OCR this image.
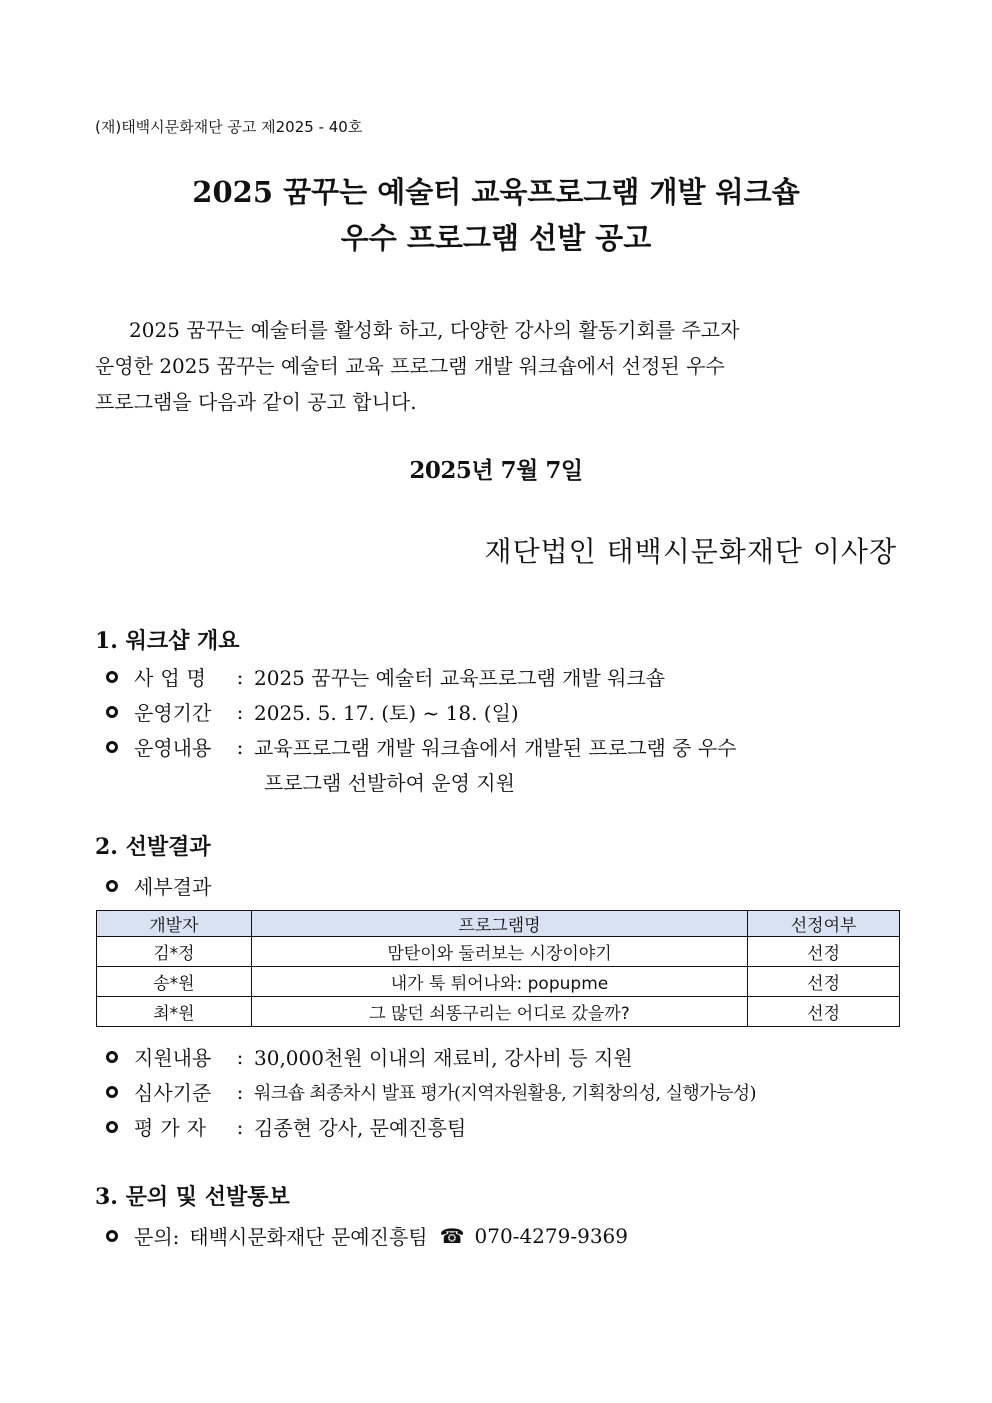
(재)태백시문화재단 공고 제2025 - 40호
2025 꿈꾸는 예술터 교육프로그램 개발 워크숍
우수 프로그램 선발 공고

2025 꿈꾸는 예술터를 활성화 하고, 다양한 강사의 활동기회를 주고자

운영한 2025 꿈꾸는 예술터 교육 프로그램 개발 워크숍에서 선정된 우수
프로그램을 다음과 같이 공고 합니다.
2025년 7월 7일
재단법인 태백시문화재단 이사장
1. 워크샵 개요
사업명	: 2025 꿈꾸는 예술터 교육프로그램 개발 워크숍
운영기간	: 2025. 5. 17. (토) ~ 18. (일)
운영내용	: 교육프로그램 개발 워크숍에서 개발된 프로그램 중 우수
프로그램 선발하여 운영 지원
2. 선발결과
세부결과
개발자	프로그램명	선정여부
김*정	맘탄이와 둘러보는 시장이야기	선정
송*원	내가 툭 튀어나와: popupme	선정
최*원	그 많던 쇠똥구리는 어디로 갔을까?	선정
지원내용	: 30,000천원 이내의 재료비, 강사비 등 지원
심사기준	: 워크숍 최종차시 발표 평가(지역자원활용, 기획창의성, 실행가능성)
평가자	: 김종현 강사, 문예진흥팀
3. 문의 및 선발통보
문의: 태백시문화재단 문예진흥팀 ☎ 070-4279-9369
